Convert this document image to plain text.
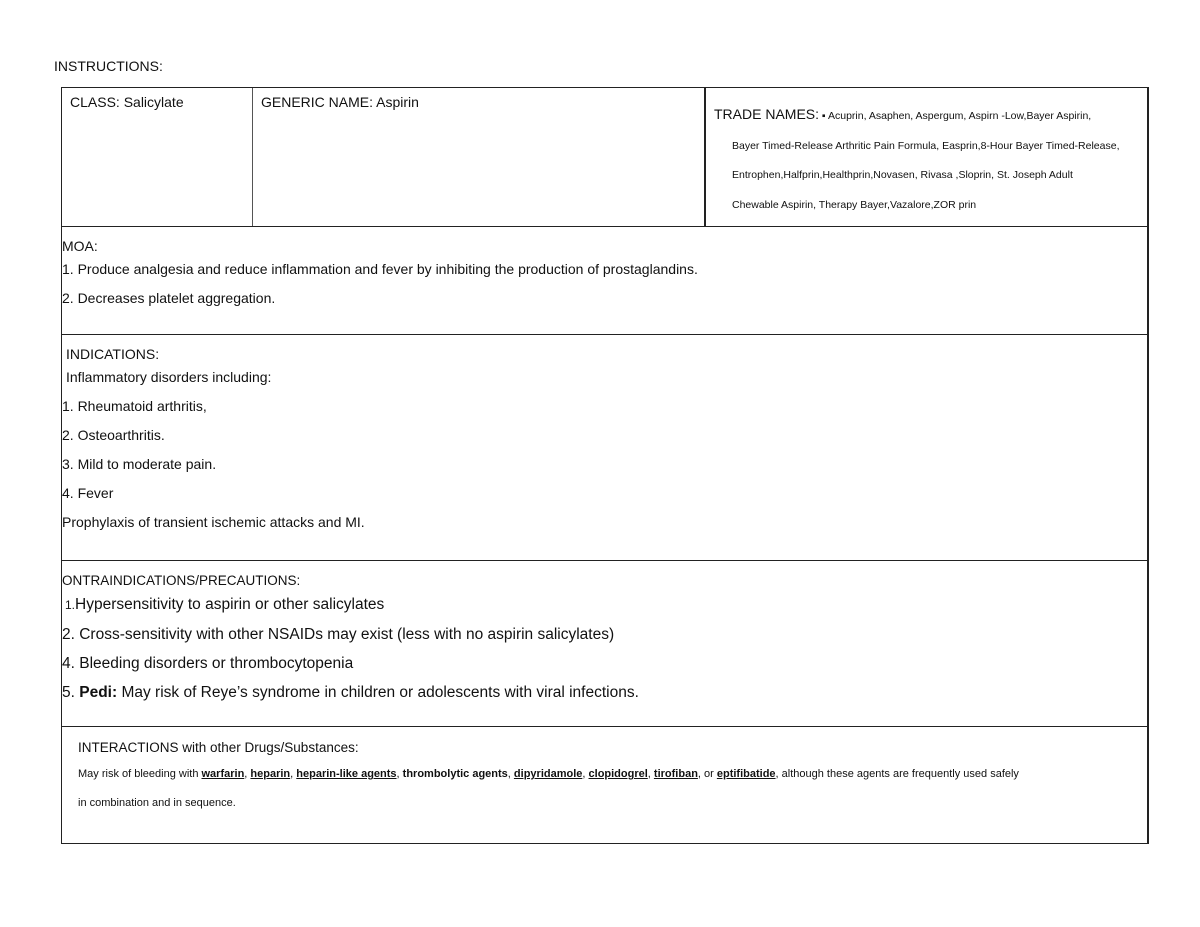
INSTRUCTIONS:
CLASS: Salicylate	GENERIC NAME: Aspirin
TRADE NAMES: ▪ Acuprin, Asaphen, Aspergum, Aspirn -Low,Bayer Aspirin,
Bayer Timed-Release Arthritic Pain Formula, Easprin,8-Hour Bayer Timed-Release,
Entrophen,Halfprin,Healthprin,Novasen, Rivasa ,Sloprin, St. Joseph Adult
Chewable Aspirin, Therapy Bayer,Vazalore,ZOR prin
MOA:
1. Produce analgesia and reduce inflammation and fever by inhibiting the production of prostaglandins.
2. Decreases platelet aggregation.
INDICATIONS:
Inflammatory disorders including:
1. Rheumatoid arthritis,
2. Osteoarthritis.
3. Mild to moderate pain.
4. Fever
Prophylaxis of transient ischemic attacks and MI.
ONTRAINDICATIONS/PRECAUTIONS:
1.Hypersensitivity to aspirin or other salicylates
2. Cross-sensitivity with other NSAIDs may exist (less with no aspirin salicylates)
4. Bleeding disorders or thrombocytopenia
5. Pedi: May risk of Reye’s syndrome in children or adolescents with viral infections.
INTERACTIONS with other Drugs/Substances:
May risk of bleeding with warfarin, heparin, heparin-like agents, thrombolytic agents, dipyridamole, clopidogrel, tirofiban, or eptifibatide, although these agents are frequently used safely
in combination and in sequence.
